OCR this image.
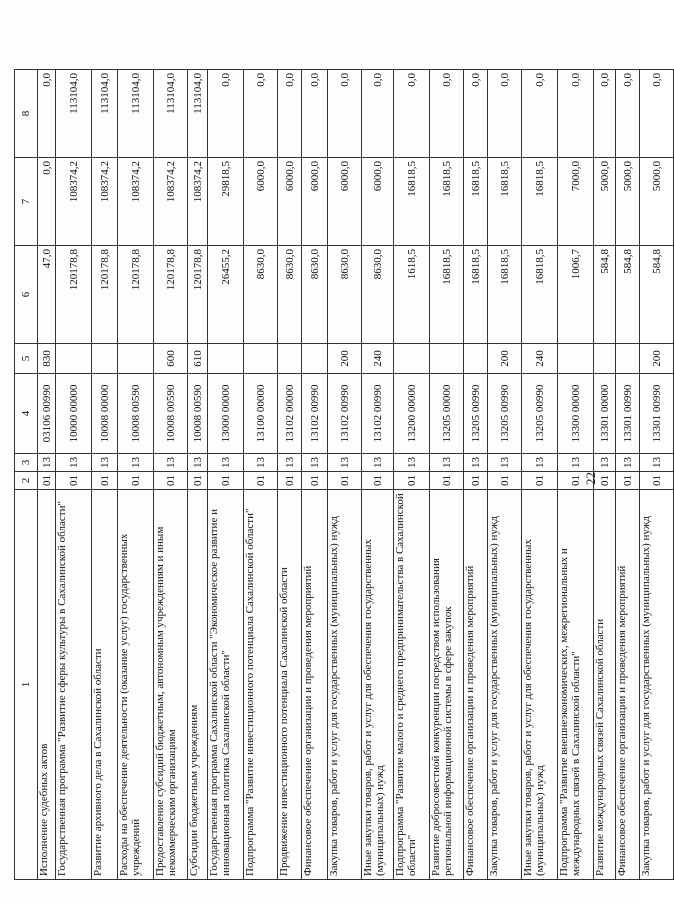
22
1	2	3	4	5	6	7	8
Исполнение судебных актов	01	13	03106 00990	830	47,0	0,0	0,0
Государственная программа "Развитие сферы культуры в Сахалинской области"	01	13	10000 00000		120178,8	108374,2	113104,0
Развитие архивного дела в Сахалинской области	01	13	10008 00000		120178,8	108374,2	113104,0
Расходы на обеспечение деятельности (оказание услуг) государственных учреждений	01	13	10008 00590		120178,8	108374,2	113104,0
Предоставление субсидий бюджетным, автономным учреждениям и иным некоммерческим организациям	01	13	10008 00590	600	120178,8	108374,2	113104,0
Субсидии бюджетным учреждениям	01	13	10008 00590	610	120178,8	108374,2	113104,0
Государственная программа Сахалинской области "Экономическое развитие и инновационная политика Сахалинской области"	01	13	13000 00000		26455,2	29818,5	0,0
Подпрограмма "Развитие инвестиционного потенциала Сахалинской области"	01	13	13100 00000		8630,0	6000,0	0,0
Продвижение инвестиционного потенциала Сахалинской области	01	13	13102 00000		8630,0	6000,0	0,0
Финансовое обеспечение организации и проведения мероприятий	01	13	13102 00990		8630,0	6000,0	0,0
Закупка товаров, работ и услуг для государственных (муниципальных) нужд	01	13	13102 00990	200	8630,0	6000,0	0,0
Иные закупки товаров, работ и услуг для обеспечения государственных (муниципальных) нужд	01	13	13102 00990	240	8630,0	6000,0	0,0
Подпрограмма "Развитие малого и среднего предпринимательства в Сахалинской области"	01	13	13200 00000		1618,5	16818,5	0,0
Развитие добросовестной конкуренции посредством использования региональной информационной системы в сфере закупок	01	13	13205 00000		16818,5	16818,5	0,0
Финансовое обеспечение организации и проведения мероприятий	01	13	13205 00990		16818,5	16818,5	0,0
Закупка товаров, работ и услуг для государственных (муниципальных) нужд	01	13	13205 00990	200	16818,5	16818,5	0,0
Иные закупки товаров, работ и услуг для обеспечения государственных (муниципальных) нужд	01	13	13205 00990	240	16818,5	16818,5	0,0
Подпрограмма "Развитие внешнеэкономических, межрегиональных и международных связей в Сахалинской области"	01	13	13300 00000		1006,7	7000,0	0,0
Развитие международных связей Сахалинской области	01	13	13301 00000		584,8	5000,0	0,0
Финансовое обеспечение организации и проведения мероприятий	01	13	13301 00990		584,8	5000,0	0,0
Закупка товаров, работ и услуг для государственных (муниципальных) нужд	01	13	13301 00990	200	584,8	5000,0	0,0
